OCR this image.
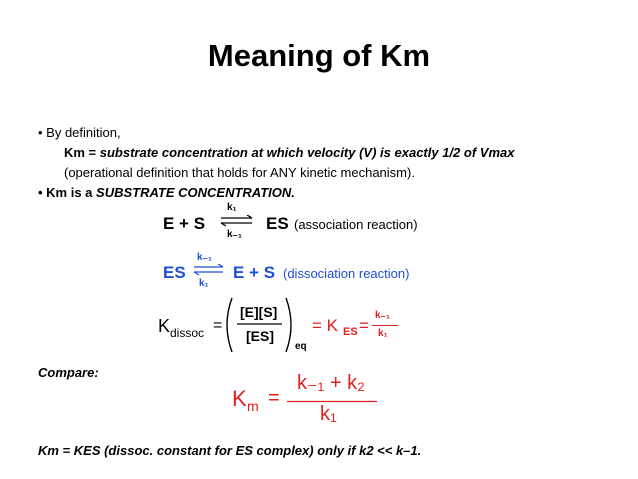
Meaning of Km
• By definition,
Km = substrate concentration at which velocity (V) is exactly 1/2 of Vmax
(operational definition that holds for ANY kinetic mechanism).
• Km is a SUBSTRATE CONCENTRATION.
E + S
k₁
k₋₁
ES (association reaction)
ES
k₋₁
k₁
E + S (dissociation reaction)
K dissoc =
[E][S]
[ES]
eq
= K ES =
k₋₁
k₁
Compare:
K m =
k₋₁ + k₂
k₁
Km = KES (dissoc. constant for ES complex) only if k2 << k–1.
